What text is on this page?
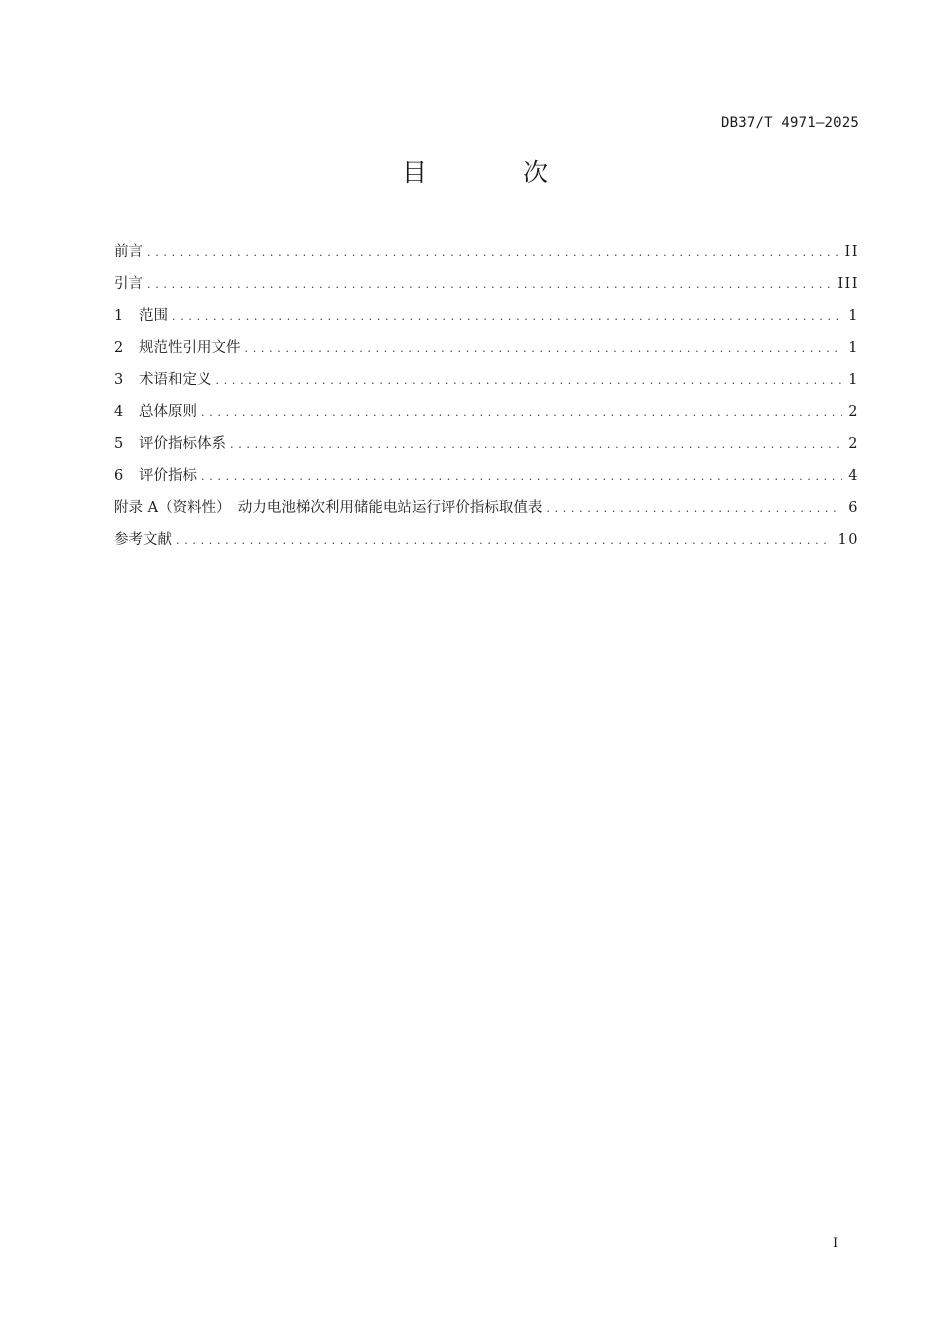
DB37/T 4971—2025
目 次
前言 . . .	II
引言 . . .	III
1	范围 . . .	1
2	规范性引用文件 . . .	1
3	术语和定义 . . .	1
4	总体原则 . . .	2
5	评价指标体系 . . .	2
6	评价指标 . . .	4
附录 A（资料性）　动力电池梯次利用储能电站运行评价指标取值表 . . .	6
参考文献 . . .	10
I
